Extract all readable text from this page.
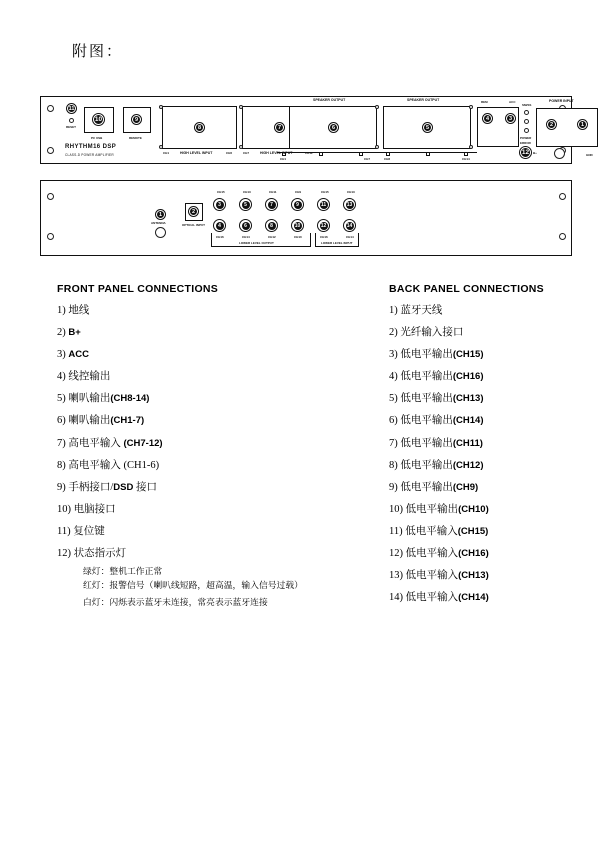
附图：
11
RESET
10
PC USB
9
REMOTE
RHYTHM16 DSP
CLASS-D POWER AMPLIFIER
8
CH1	HIGH LEVEL INPUT	CH6
7
CH7	HIGH LEVEL INPUT	CH12
SPEAKER OUTPUT
6
CH1	CH7
SPEAKER OUTPUT
5
CH8	CH14
REM	ACC
4	3
SM/SS
POWER
ERROR
12
POWER INPUT
2	1
B+	GND
1
ANTENNA
2
OPTICAL INPUT
CH15
3
CH13
5
CH11
7
CH9
9
CH15
11
CH13
13
4
CH16
6
CH14
8
CH12
10
CH10
12
CH16
14
CH14
LOWER LEVEL OUTPUT	LOWER LEVEL INPUT
FRONT PANEL CONNECTIONS
1) 地线
2) B+
3) ACC
4) 线控输出
5) 喇叭输出(CH8-14)
6) 喇叭输出(CH1-7)
7) 高电平输入 (CH7-12)
8) 高电平输入 (CH1-6)
9) 手柄接口/DSD 接口
10) 电脑接口
11) 复位键
12) 状态指示灯
绿灯：整机工作正常
红灯：报警信号（喇叭线短路，超高温，输入信号过载）
白灯：闪烁表示蓝牙未连接，常亮表示蓝牙连接
BACK PANEL CONNECTIONS
1) 蓝牙天线
2) 光纤输入接口
3) 低电平输出(CH15)
4) 低电平输出(CH16)
5) 低电平输出(CH13)
6) 低电平输出(CH14)
7) 低电平输出(CH11)
8) 低电平输出(CH12)
9) 低电平输出(CH9)
10) 低电平输出(CH10)
11) 低电平输入(CH15)
12) 低电平输入(CH16)
13) 低电平输入(CH13)
14) 低电平输入(CH14)
